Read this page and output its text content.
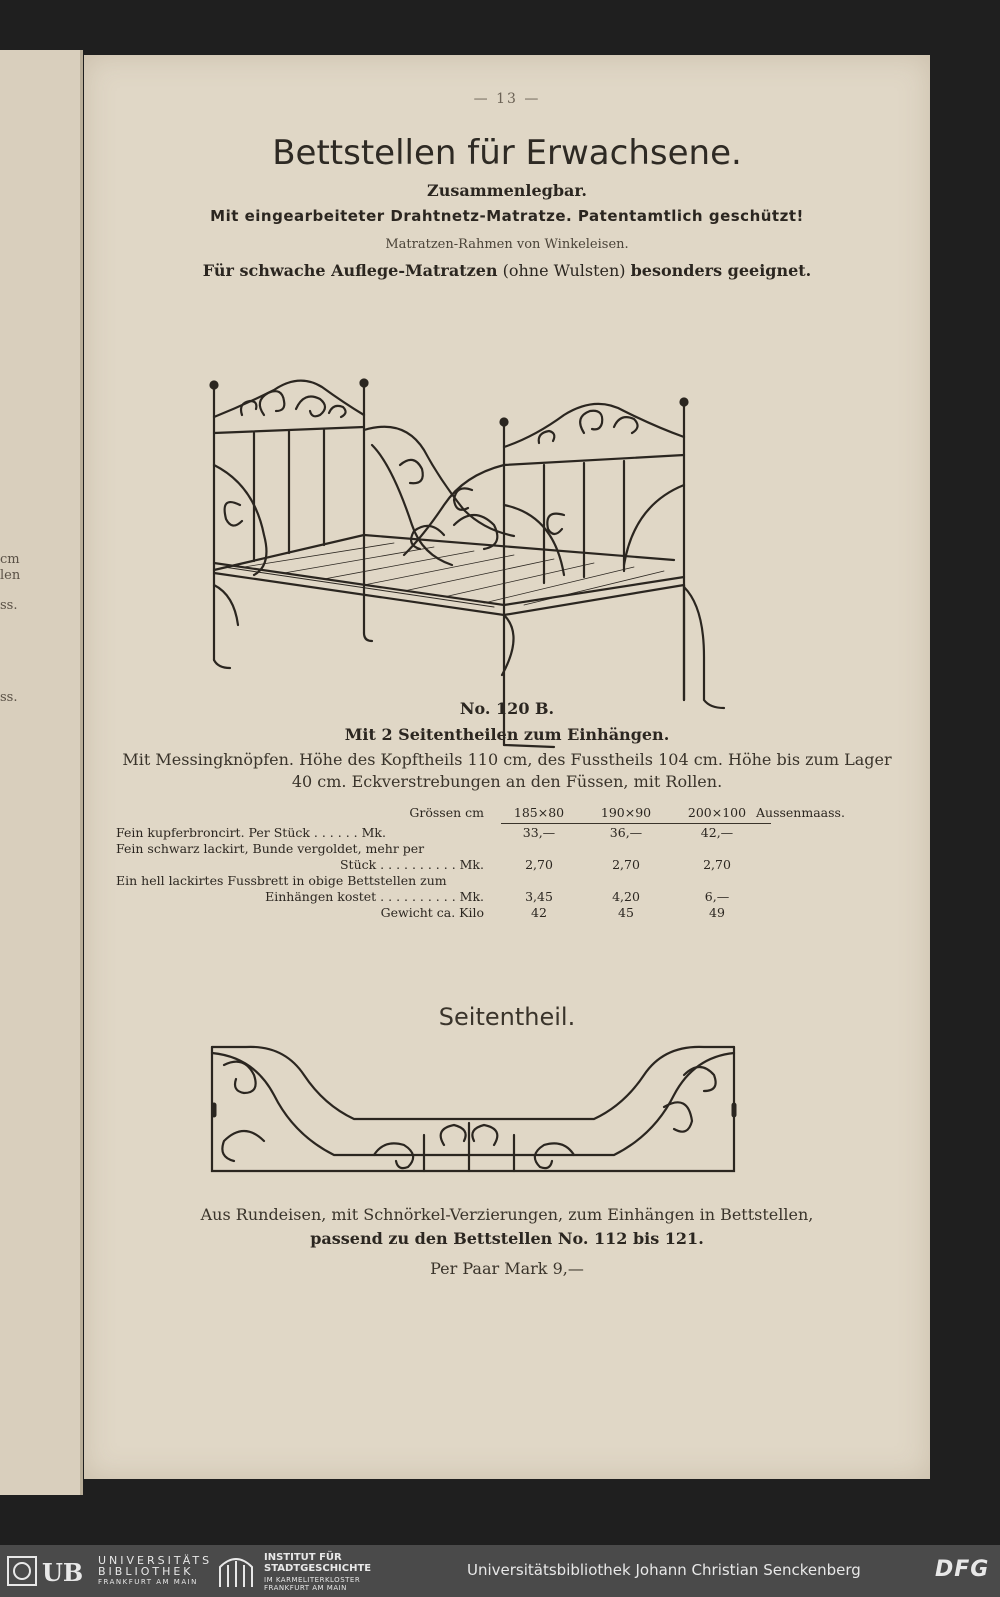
cm
len
ss.
ss.
— 13 —
Bettstellen für Erwachsene.
Zusammenlegbar.
Mit eingearbeiteter Drahtnetz-Matratze. Patentamtlich geschützt!
Matratzen-Rahmen von Winkeleisen.
Für schwache Auflege-Matratzen (ohne Wulsten) besonders geeignet.
No. 120 B.
Mit 2 Seitentheilen zum Einhängen.
Mit Messingknöpfen. Höhe des Kopftheils 110 cm, des Fusstheils 104 cm. Höhe bis zum Lager 40 cm. Eckverstrebungen an den Füssen, mit Rollen.
Grössen cm	185×80	190×90	200×100 Aussenmaass.
Fein kupferbroncirt. Per Stück . . . . . . Mk.	33,—	36,—	42,—
Fein schwarz lackirt, Bunde vergoldet, mehr per
Stück . . . . . . . . . . Mk.	2,70	2,70	2,70
Ein hell lackirtes Fussbrett in obige Bettstellen zum
Einhängen kostet . . . . . . . . . . Mk.	3,45	4,20	6,—
Gewicht ca. Kilo	42	45	49
Seitentheil.
Aus Rundeisen, mit Schnörkel-Verzierungen, zum Einhängen in Bettstellen,
passend zu den Bettstellen No. 112 bis 121.
Per Paar Mark 9,—
UB UNIVERSITÄTS
BIBLIOTHEK
FRANKFURT AM MAIN
INSTITUT FÜR
STADTGESCHICHTE
IM KARMELITERKLOSTER
FRANKFURT AM MAIN
Universitätsbibliothek Johann Christian Senckenberg	DFG
